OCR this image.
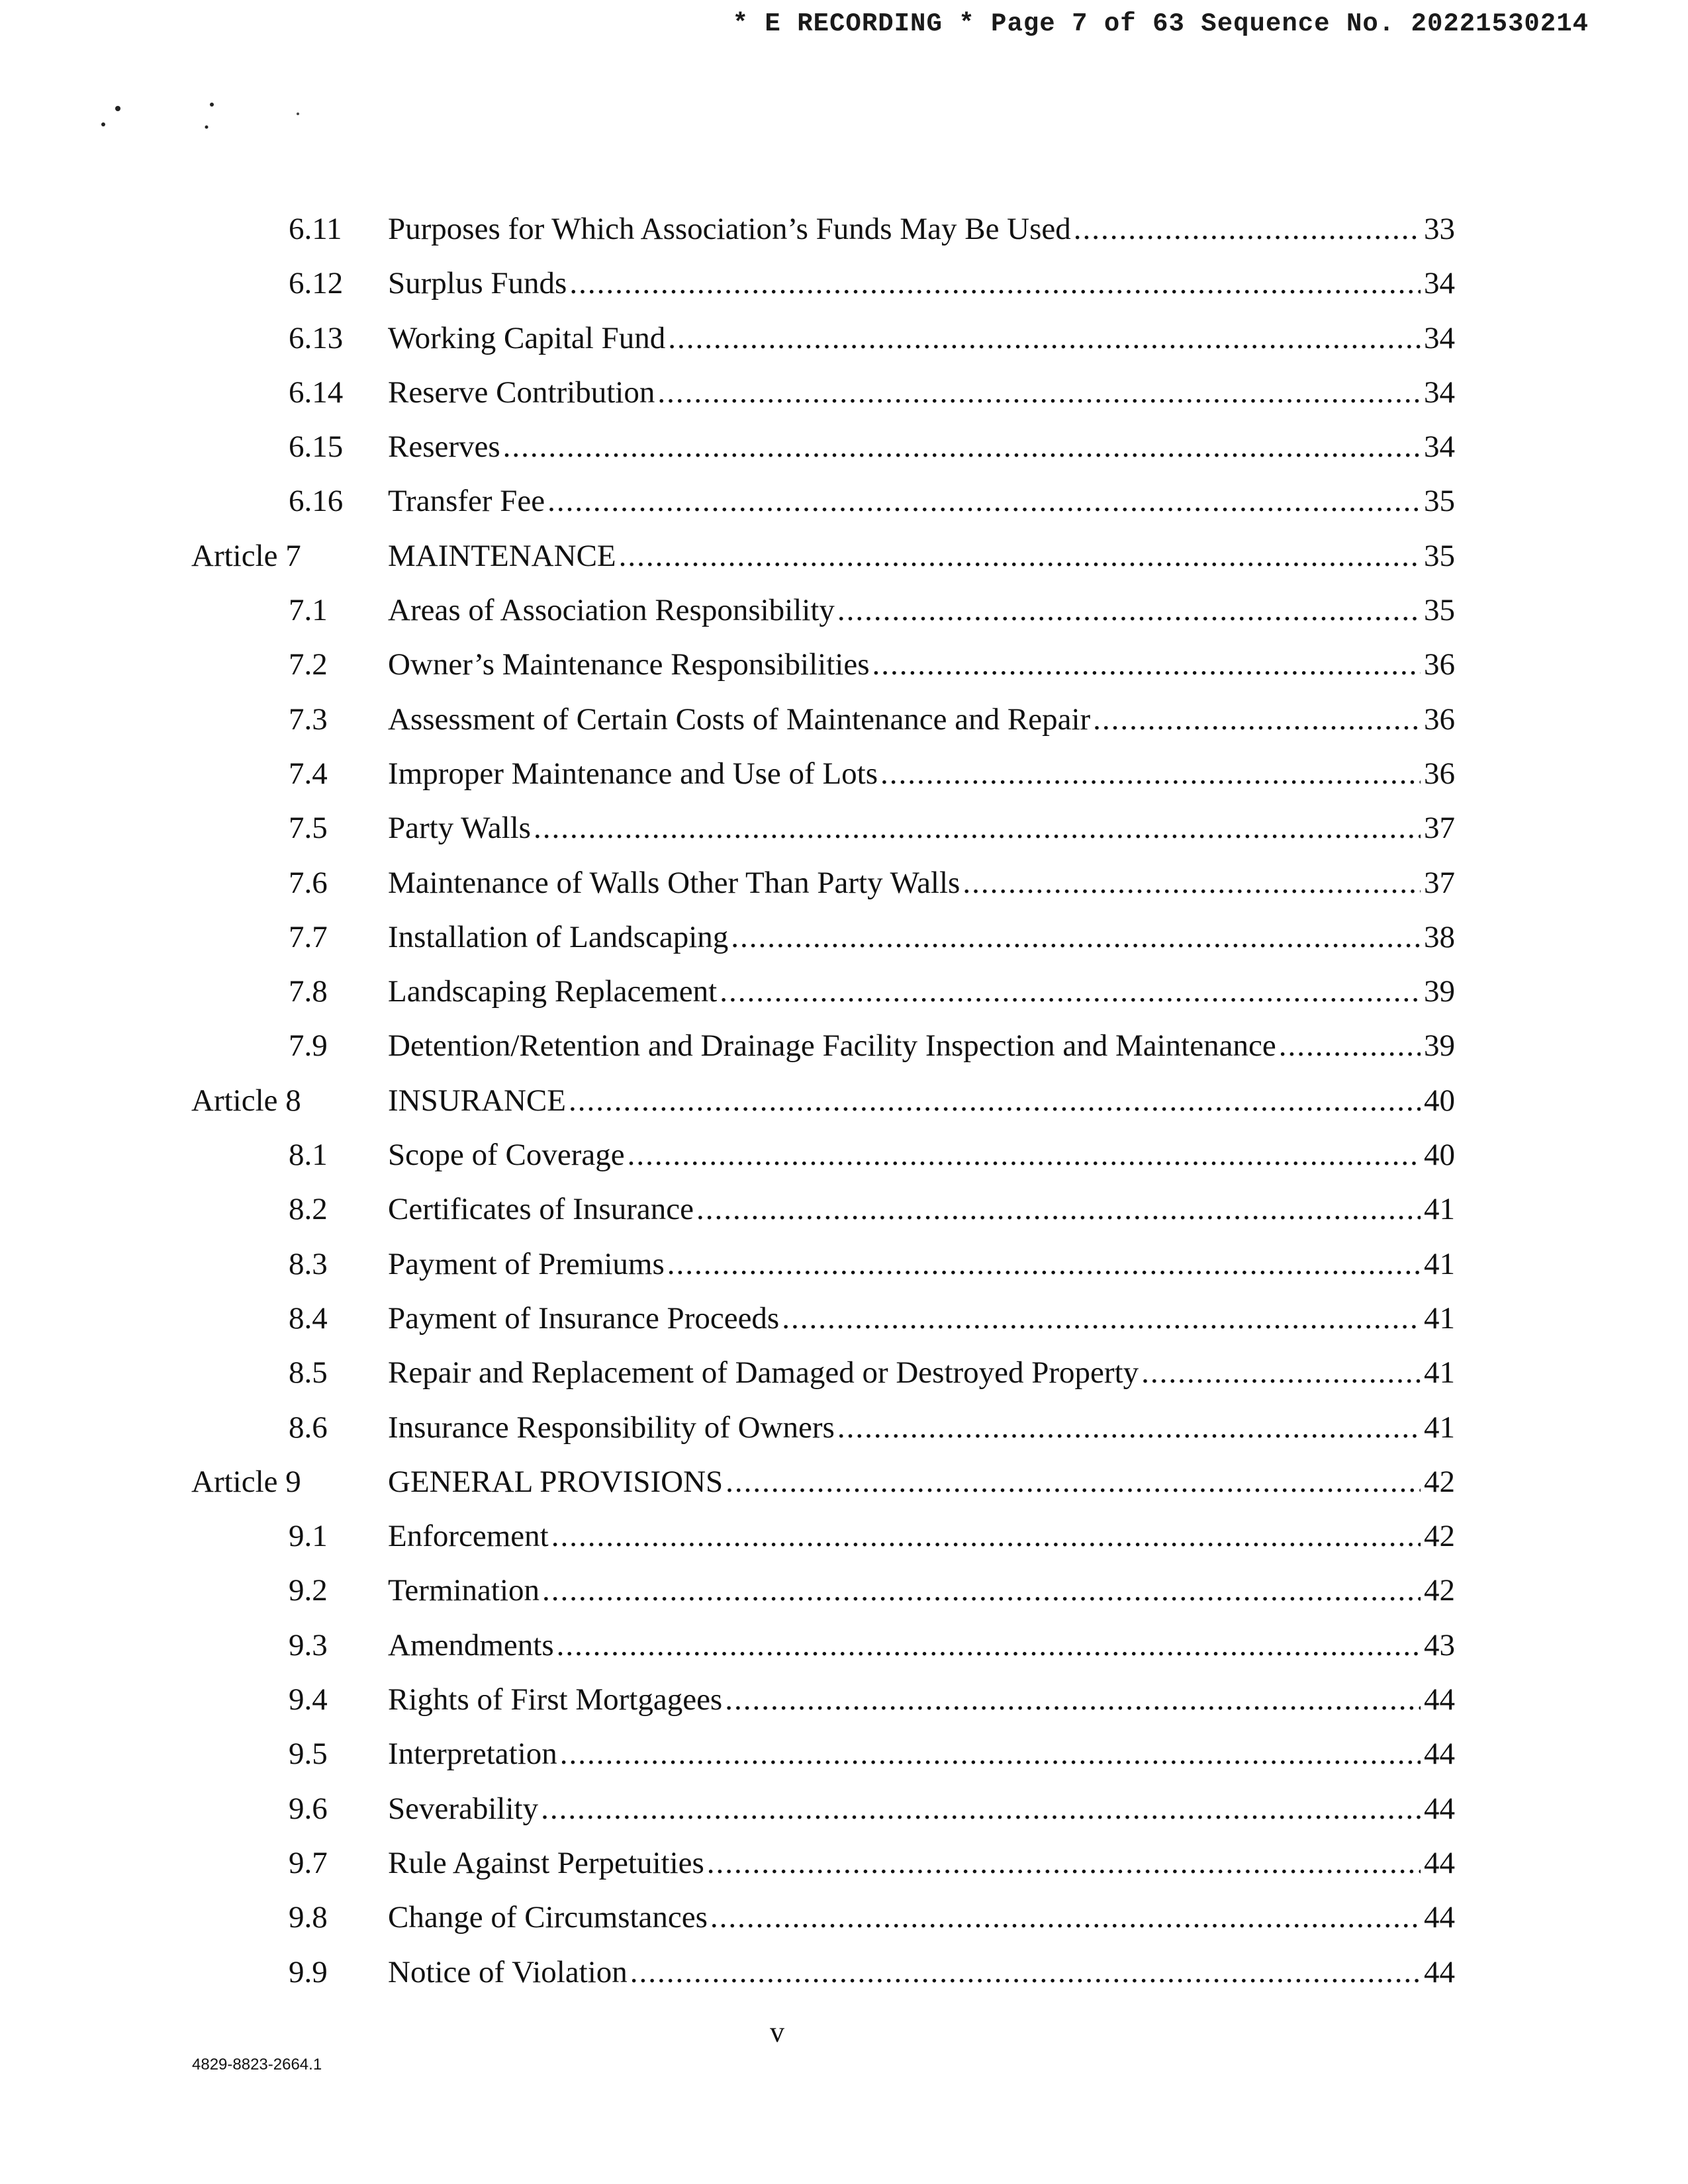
* E RECORDING * Page 7 of 63 Sequence No. 20221530214
6.11 Purposes for Which Association’s Funds May Be Used .....	33
6.12 Surplus Funds .....	34
6.13 Working Capital Fund .....	34
6.14 Reserve Contribution .....	34
6.15 Reserves .....	34
6.16 Transfer Fee .....	35
Article 7	MAINTENANCE .....	35
7.1 Areas of Association Responsibility .....	35
7.2 Owner’s Maintenance Responsibilities .....	36
7.3 Assessment of Certain Costs of Maintenance and Repair .....	36
7.4 Improper Maintenance and Use of Lots .....	36
7.5 Party Walls .....	37
7.6 Maintenance of Walls Other Than Party Walls .....	37
7.7 Installation of Landscaping .....	38
7.8 Landscaping Replacement .....	39
7.9 Detention/Retention and Drainage Facility Inspection and Maintenance .....	39
Article 8	INSURANCE .....	40
8.1 Scope of Coverage .....	40
8.2 Certificates of Insurance .....	41
8.3 Payment of Premiums .....	41
8.4 Payment of Insurance Proceeds .....	41
8.5 Repair and Replacement of Damaged or Destroyed Property .....	41
8.6 Insurance Responsibility of Owners .....	41
Article 9	GENERAL PROVISIONS .....	42
9.1 Enforcement .....	42
9.2 Termination .....	42
9.3 Amendments .....	43
9.4 Rights of First Mortgagees .....	44
9.5 Interpretation .....	44
9.6 Severability .....	44
9.7 Rule Against Perpetuities .....	44
9.8 Change of Circumstances .....	44
9.9 Notice of Violation .....	44
v
4829-8823-2664.1
